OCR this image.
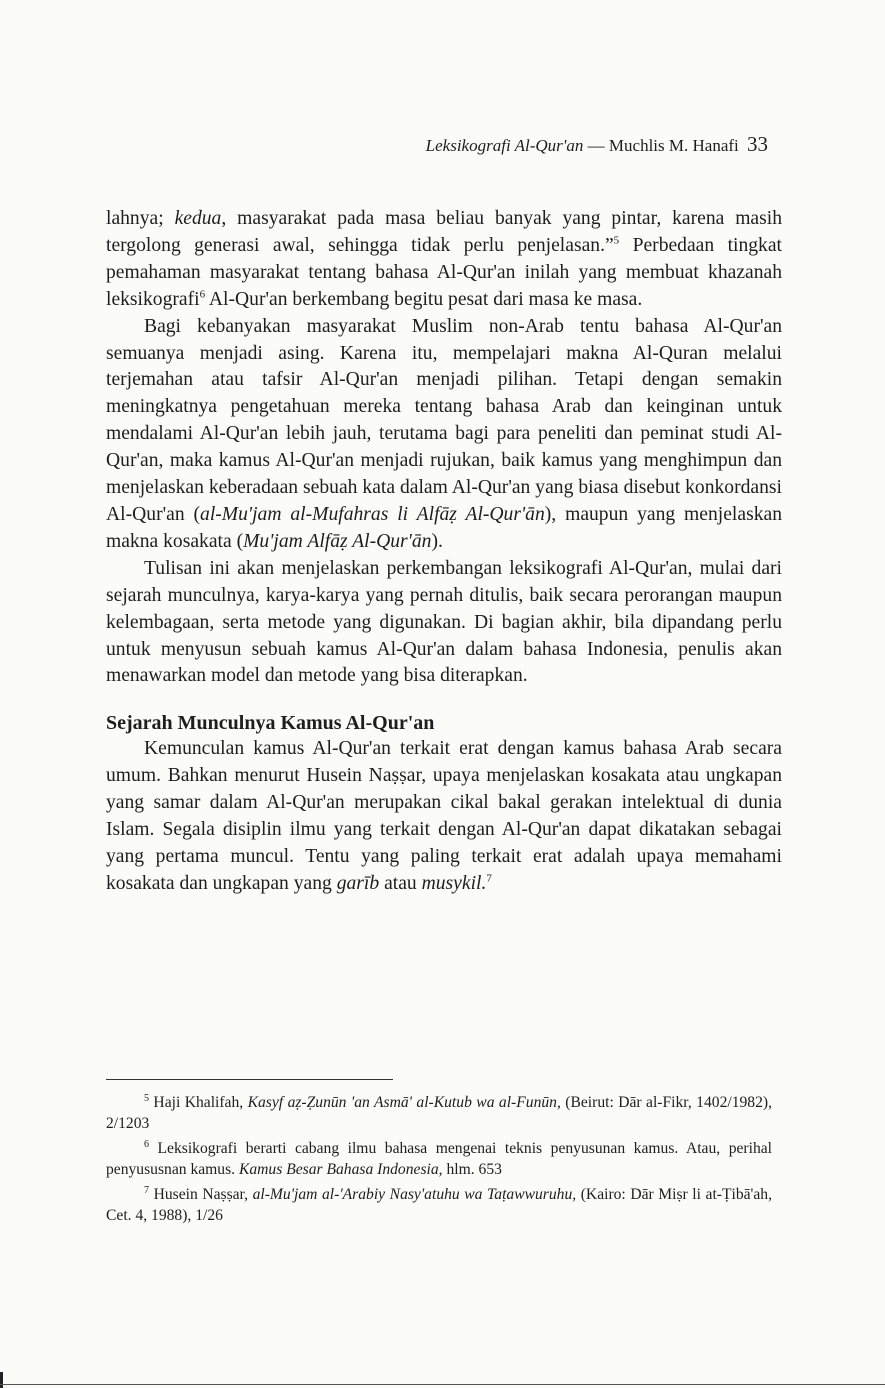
Leksikografi Al-Qur'an — Muchlis M. Hanafi 33

lahnya; kedua, masyarakat pada masa beliau banyak yang pintar, karena masih tergolong generasi awal, sehingga tidak perlu penjelasan.”$^5$ Perbedaan tingkat pemahaman masyarakat tentang bahasa Al-Qur'an inilah yang membuat khazanah leksikografi$^6$ Al-Qur'an berkembang begitu pesat dari masa ke masa.

Bagi kebanyakan masyarakat Muslim non-Arab tentu bahasa Al-Qur'an semuanya menjadi asing. Karena itu, mempelajari makna Al-Quran melalui terjemahan atau tafsir Al-Qur'an menjadi pilihan. Tetapi dengan semakin meningkatnya pengetahuan mereka tentang bahasa Arab dan keinginan untuk mendalami Al-Qur'an lebih jauh, terutama bagi para peneliti dan peminat studi Al-Qur'an, maka kamus Al-Qur'an menjadi rujukan, baik kamus yang menghimpun dan menjelaskan keberadaan sebuah kata dalam Al-Qur'an yang biasa disebut konkordansi Al-Qur'an (al-Mu'jam al-Mufahras li Alfāẓ Al-Qur'ān), maupun yang menjelaskan makna kosakata (Mu'jam Alfāẓ Al-Qur'ān).

Tulisan ini akan menjelaskan perkembangan leksikografi Al-Qur'an, mulai dari sejarah munculnya, karya-karya yang pernah ditulis, baik secara perorangan maupun kelembagaan, serta metode yang digunakan. Di bagian akhir, bila dipandang perlu untuk menyusun sebuah kamus Al-Qur'an dalam bahasa Indonesia, penulis akan menawarkan model dan metode yang bisa diterapkan.

Sejarah Munculnya Kamus Al-Qur'an

Kemunculan kamus Al-Qur'an terkait erat dengan kamus bahasa Arab secara umum. Bahkan menurut Husein Naṣṣar, upaya menjelaskan kosakata atau ungkapan yang samar dalam Al-Qur'an merupakan cikal bakal gerakan intelektual di dunia Islam. Segala disiplin ilmu yang terkait dengan Al-Qur'an dapat dikatakan sebagai yang pertama muncul. Tentu yang paling terkait erat adalah upaya memahami kosakata dan ungkapan yang garīb atau musykil.$^7$

$^5$ Haji Khalifah, Kasyf aẓ-Ẓunūn 'an Asmā' al-Kutub wa al-Funūn, (Beirut: Dār al-Fikr, 1402/1982), 2/1203

$^6$ Leksikografi berarti cabang ilmu bahasa mengenai teknis penyusunan kamus. Atau, perihal penyususnan kamus. Kamus Besar Bahasa Indonesia, hlm. 653

$^7$ Husein Naṣṣar, al-Mu'jam al-'Arabiy Nasy'atuhu wa Taṭawwuruhu, (Kairo: Dār Miṣr li at-Ṭibā'ah, Cet. 4, 1988), 1/26
